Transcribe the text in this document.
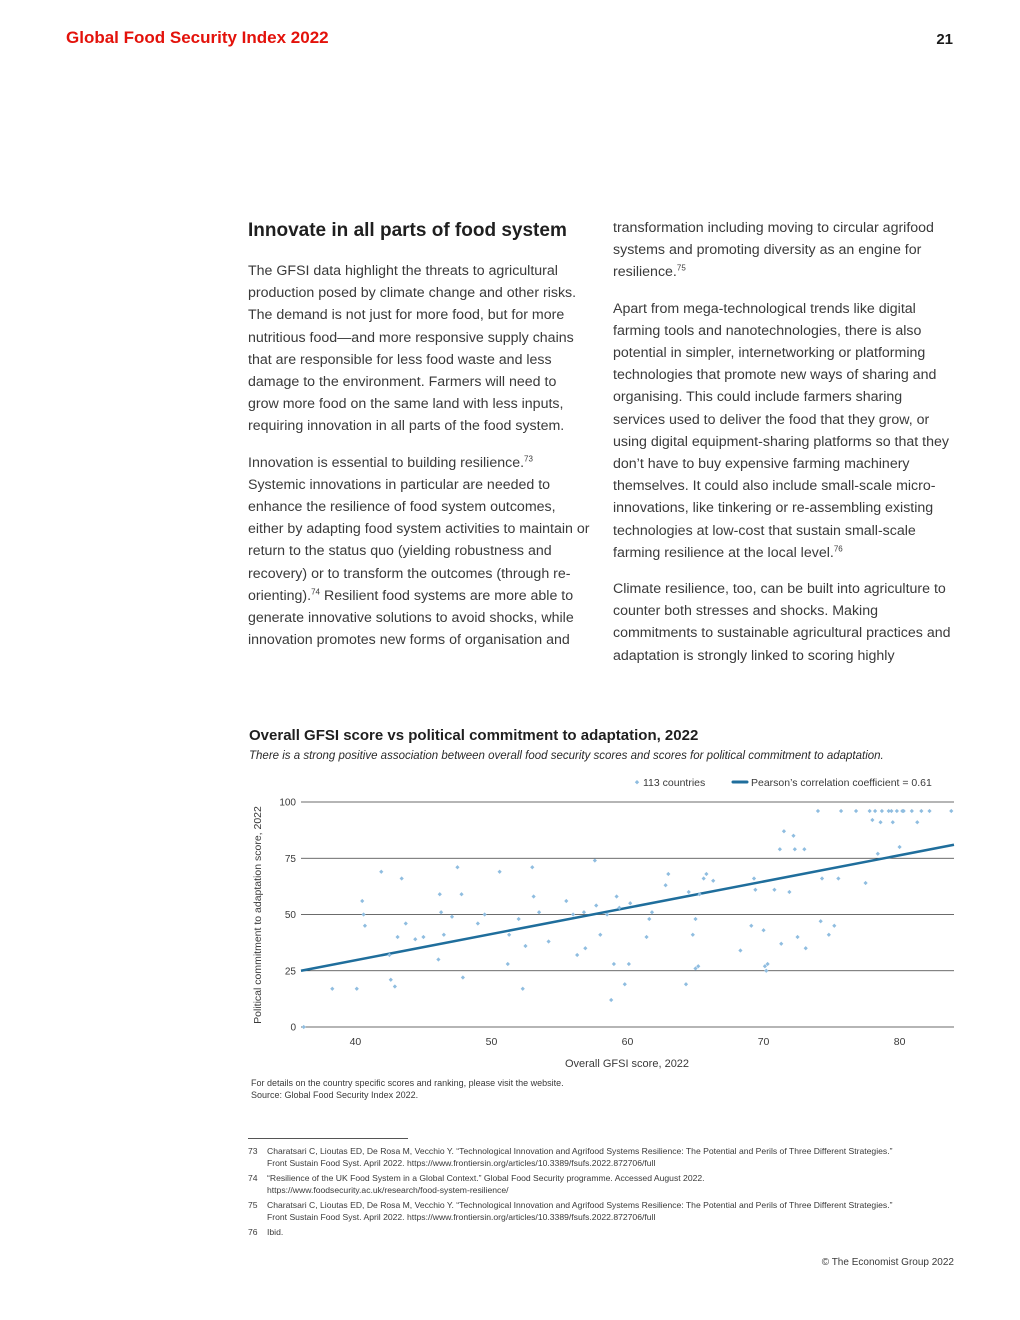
Global Food Security Index 2022	21
Innovate in all parts of food system

The GFSI data highlight the threats to agricultural production posed by climate change and other risks. The demand is not just for more food, but for more nutritious food—and more responsive supply chains that are responsible for less food waste and less damage to the environment. Farmers will need to grow more food on the same land with less inputs, requiring innovation in all parts of the food system.

Innovation is essential to building resilience.$^{73}$ Systemic innovations in particular are needed to enhance the resilience of food system outcomes, either by adapting food system activities to maintain or return to the status quo (yielding robustness and recovery) or to transform the outcomes (through re-orienting).$^{74}$ Resilient food systems are more able to generate innovative solutions to avoid shocks, while innovation promotes new forms of organisation and

transformation including moving to circular agrifood systems and promoting diversity as an engine for resilience.$^{75}$

Apart from mega-technological trends like digital farming tools and nanotechnologies, there is also potential in simpler, internetworking or platforming technologies that promote new ways of sharing and organising. This could include farmers sharing services used to deliver the food that they grow, or using digital equipment-sharing platforms so that they don’t have to buy expensive farming machinery themselves. It could also include small-scale micro-innovations, like tinkering or re-assembling existing technologies at low-cost that sustain small-scale farming resilience at the local level.$^{76}$

Climate resilience, too, can be built into agriculture to counter both stresses and shocks. Making commitments to sustainable agricultural practices and adaptation is strongly linked to scoring highly

Overall GFSI score vs political commitment to adaptation, 2022
There is a strong positive association between overall food security scores and scores for political commitment to adaptation.
0
25
50
75
100
40	50	60	70	80
Overall GFSI score, 2022
Political commitment to adaptation score, 2022
113 countries	Pearson’s correlation coefficient = 0.61
For details on the country specific scores and ranking, please visit the website.
Source: Global Food Security Index 2022.
73	Charatsari C, Lioutas ED, De Rosa M, Vecchio Y. “Technological Innovation and Agrifood Systems Resilience: The Potential and Perils of Three Different Strategies.”
Front Sustain Food Syst. April 2022. https://www.frontiersin.org/articles/10.3389/fsufs.2022.872706/full
74	“Resilience of the UK Food System in a Global Context.” Global Food Security programme. Accessed August 2022.
https://www.foodsecurity.ac.uk/research/food-system-resilience/
75	Charatsari C, Lioutas ED, De Rosa M, Vecchio Y. “Technological Innovation and Agrifood Systems Resilience: The Potential and Perils of Three Different Strategies.”
Front Sustain Food Syst. April 2022. https://www.frontiersin.org/articles/10.3389/fsufs.2022.872706/full
76	Ibid.
© The Economist Group 2022
